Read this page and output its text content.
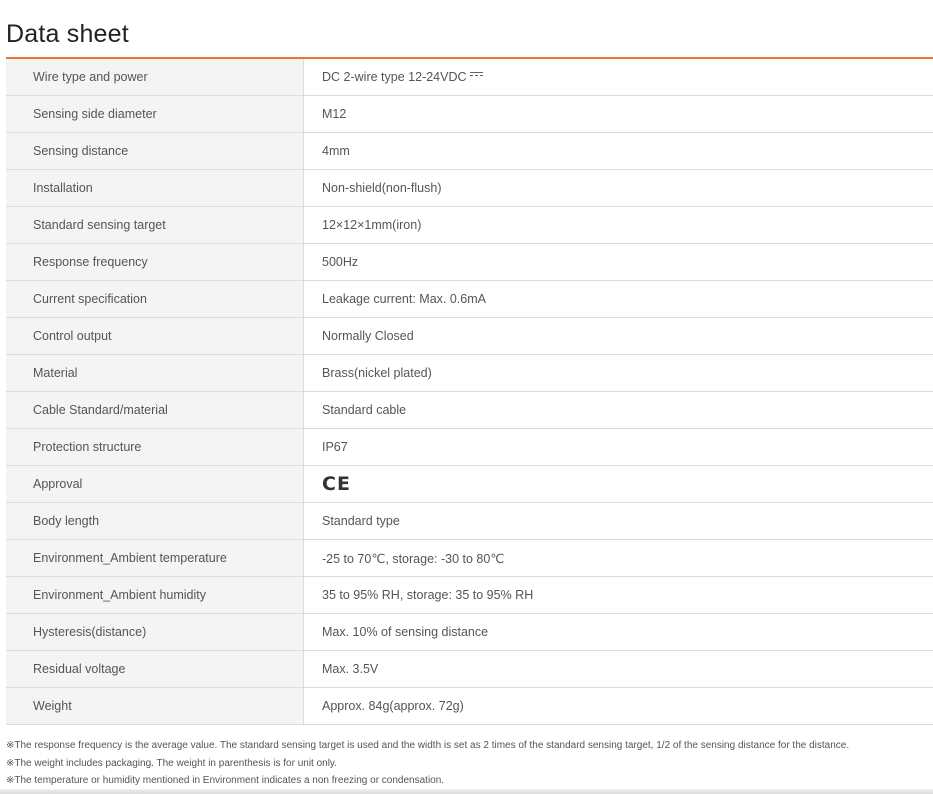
Data sheet
Wire type and power	DC 2-wire type 12-24VDC
Sensing side diameter	M12
Sensing distance	4mm
Installation	Non-shield(non-flush)
Standard sensing target	12×12×1mm(iron)
Response frequency	500Hz
Current specification	Leakage current: Max. 0.6mA
Control output	Normally Closed
Material	Brass(nickel plated)
Cable Standard/material	Standard cable
Protection structure	IP67
Approval	CE
Body length	Standard type
Environment_Ambient temperature	-25 to 70℃, storage: -30 to 80℃
Environment_Ambient humidity	35 to 95% RH, storage: 35 to 95% RH
Hysteresis(distance)	Max. 10% of sensing distance
Residual voltage	Max. 3.5V
Weight	Approx. 84g(approx. 72g)
※The response frequency is the average value. The standard sensing target is used and the width is set as 2 times of the standard sensing target, 1/2 of the sensing distance for the distance.
※The weight includes packaging. The weight in parenthesis is for unit only.
※The temperature or humidity mentioned in Environment indicates a non freezing or condensation.
